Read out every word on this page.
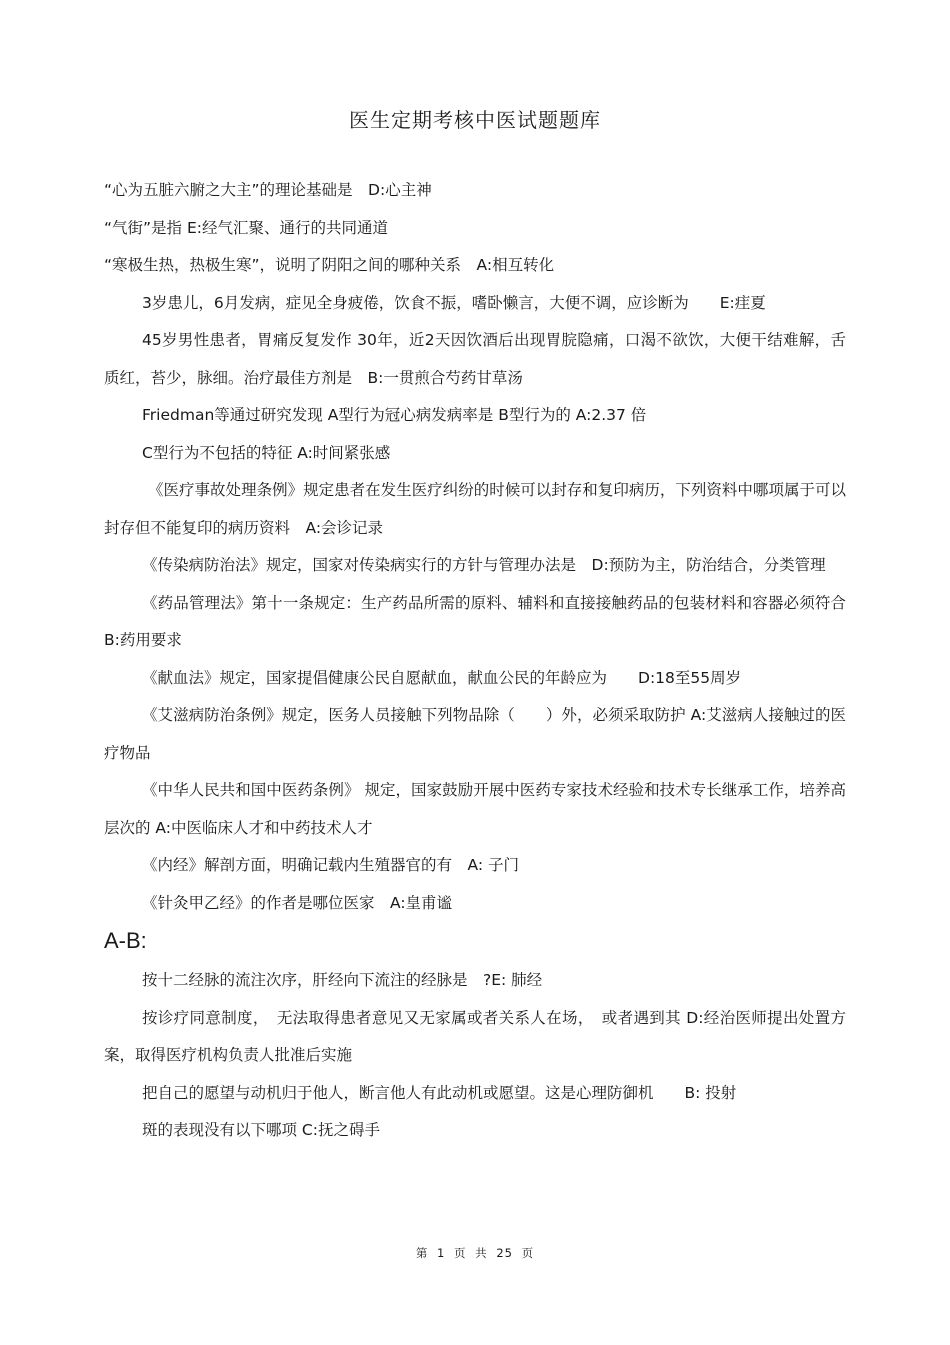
医生定期考核中医试题题库

“心为五脏六腑之大主”的理论基础是　D:心主神

“气街”是指 E:经气汇聚、通行的共同通道

“寒极生热，热极生寒”，说明了阴阳之间的哪种关系　A:相互转化

3岁患儿，6月发病，症见全身疲倦，饮食不振，嗜卧懒言，大便不调，应诊断为　　E:疰夏

45岁男性患者，胃痛反复发作 30年，近2天因饮酒后出现胃脘隐痛，口渴不欲饮，大便干结难解，舌质红，苔少，脉细。治疗最佳方剂是　B:一贯煎合芍药甘草汤

Friedman等通过研究发现 A型行为冠心病发病率是 B型行为的 A:2.37 倍

C型行为不包括的特征 A:时间紧张感

《医疗事故处理条例》规定患者在发生医疗纠纷的时候可以封存和复印病历，下列资料中哪项属于可以封存但不能复印的病历资料　A:会诊记录

《传染病防治法》规定，国家对传染病实行的方针与管理办法是　D:预防为主，防治结合，分类管理

《药品管理法》第十一条规定：生产药品所需的原料、辅料和直接接触药品的包装材料和容器必须符合 B:药用要求

《献血法》规定，国家提倡健康公民自愿献血，献血公民的年龄应为　　D:18至55周岁

《艾滋病防治条例》规定，医务人员接触下列物品除（　　）外，必须采取防护 A:艾滋病人接触过的医疗物品

《中华人民共和国中医药条例》 规定，国家鼓励开展中医药专家技术经验和技术专长继承工作，培养高层次的 A:中医临床人才和中药技术人才

《内经》解剖方面，明确记载内生殖器官的有　A: 子门

《针灸甲乙经》的作者是哪位医家　A:皇甫谧

A-B:

按十二经脉的流注次序，肝经向下流注的经脉是　?E: 肺经

按诊疗同意制度，　无法取得患者意见又无家属或者关系人在场，　或者遇到其 D:经治医师提出处置方案，取得医疗机构负责人批准后实施

把自己的愿望与动机归于他人，断言他人有此动机或愿望。这是心理防御机　　B: 投射

斑的表现没有以下哪项 C:抚之碍手

第 1 页 共 25 页
